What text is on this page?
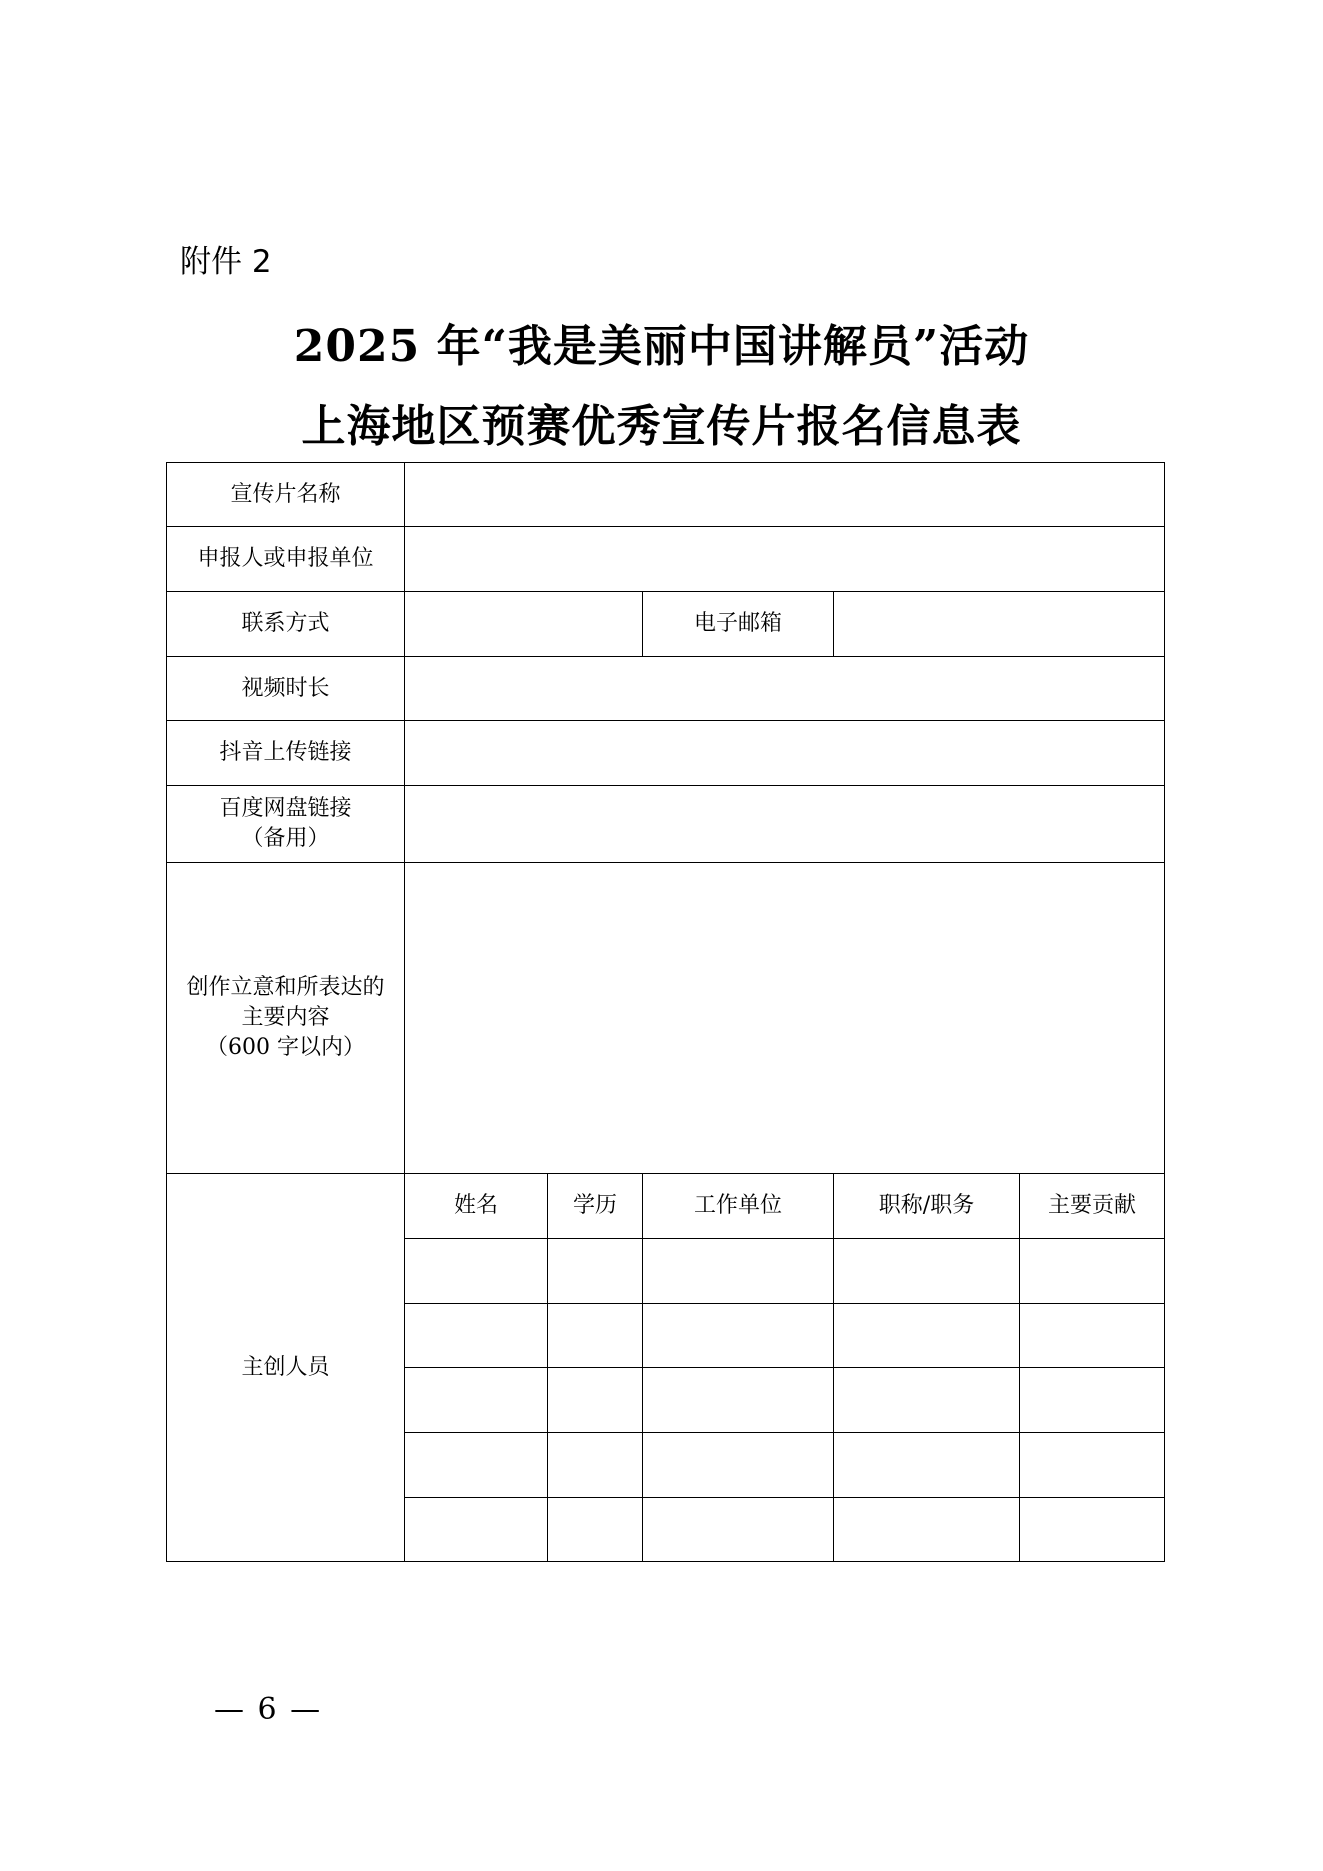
附件 2
2025 年“我是美丽中国讲解员”活动
上海地区预赛优秀宣传片报名信息表
宣传片名称					
申报人或申报单位					
联系方式			电子邮箱		
视频时长					
抖音上传链接					

百度网盘链接
（备用）					

创作立意和所表达的
主要内容
（600 字以内）					

主创人员	姓名	学历	工作单位	职称/职务	主要贡献

— 6 —
